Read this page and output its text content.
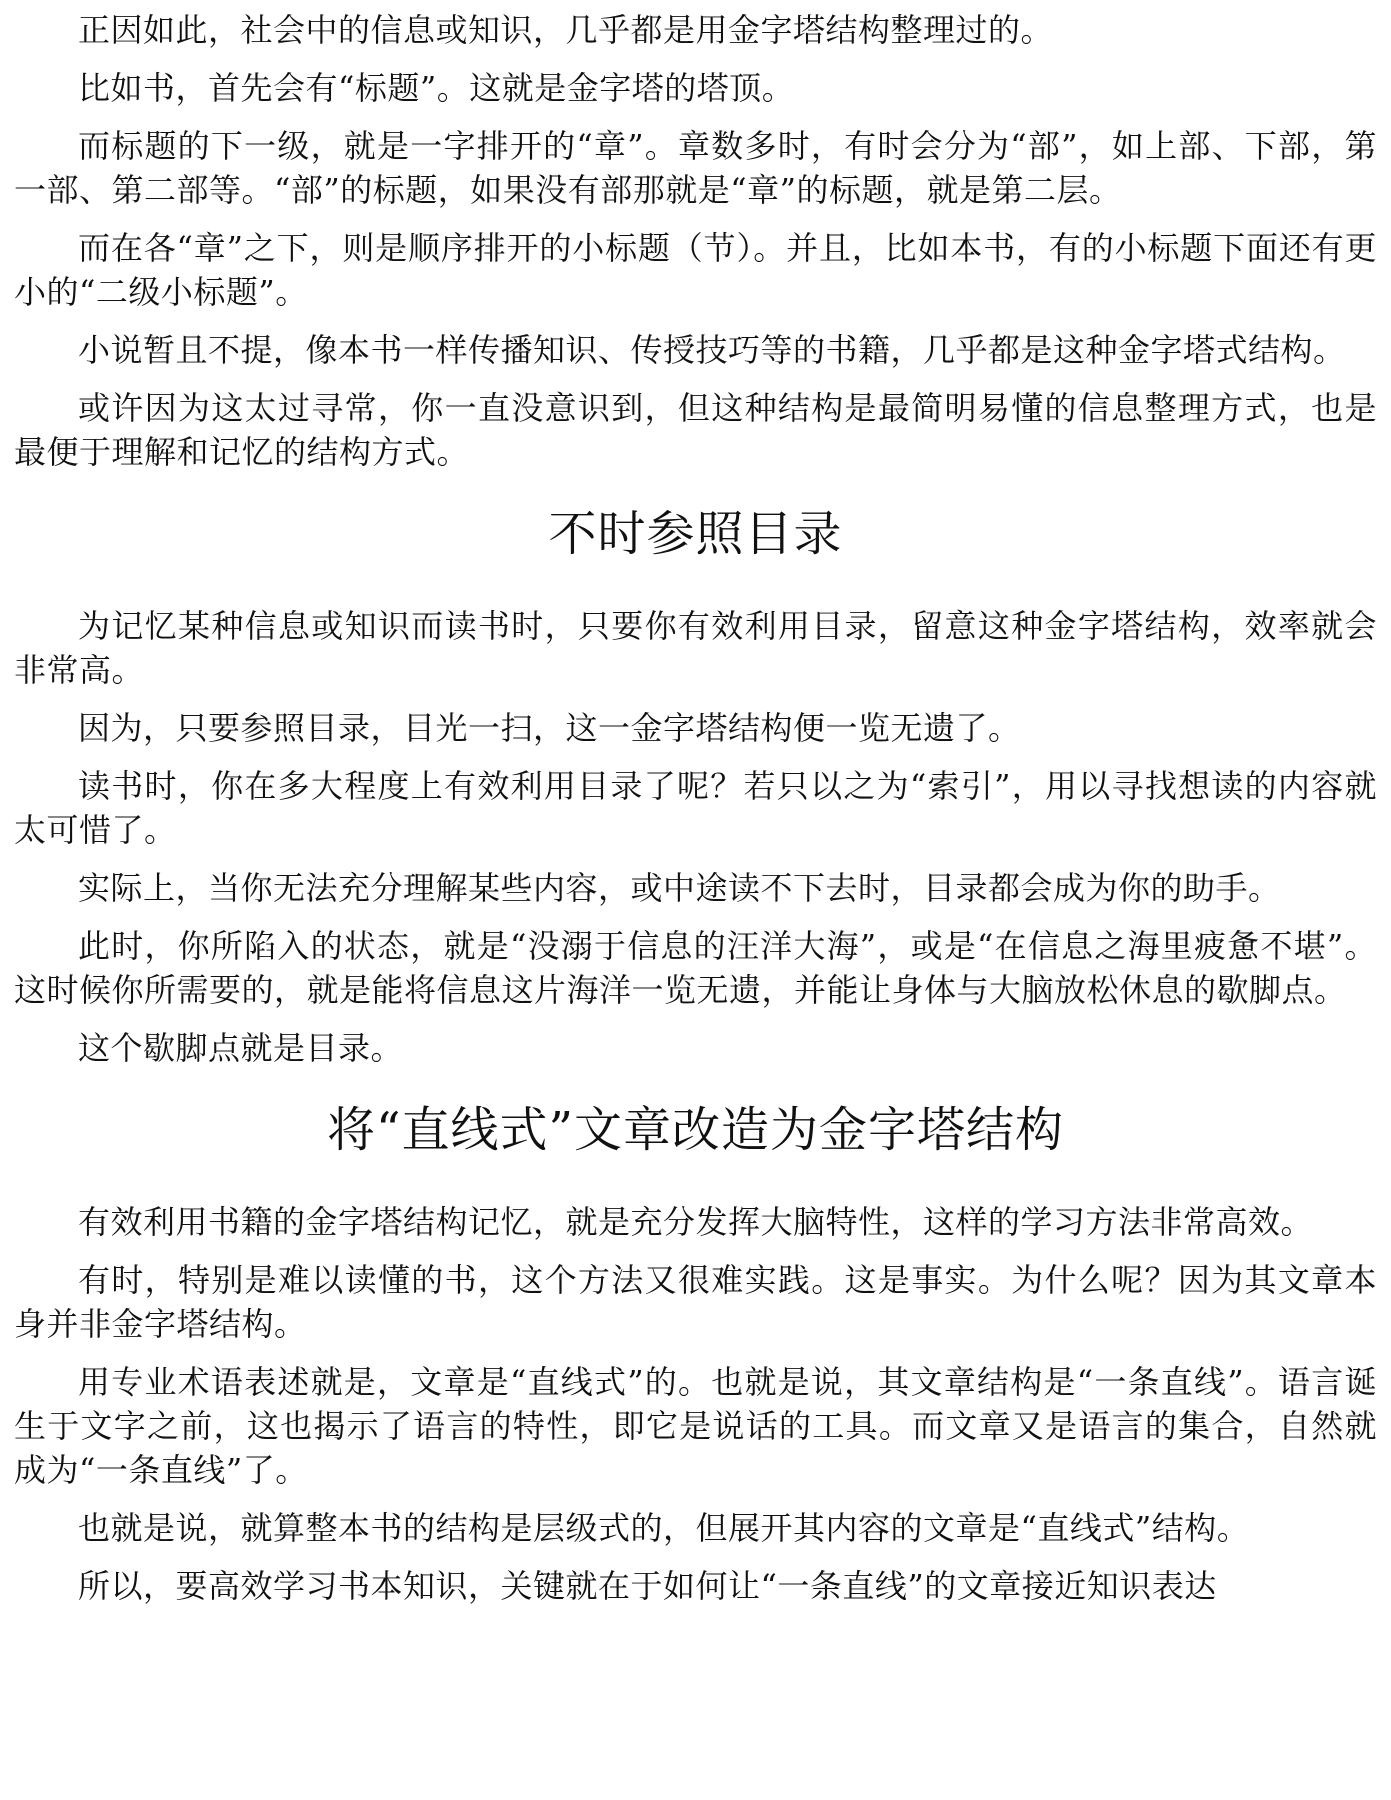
正因如此，社会中的信息或知识，几乎都是用金字塔结构整理过的。

比如书，首先会有“标题”。这就是金字塔的塔顶。

而标题的下一级，就是一字排开的“章”。章数多时，有时会分为“部”，如上部、下部，第一部、第二部等。“部”的标题，如果没有部那就是“章”的标题，就是第二层。

而在各“章”之下，则是顺序排开的小标题（节）。并且，比如本书，有的小标题下面还有更小的“二级小标题”。

小说暂且不提，像本书一样传播知识、传授技巧等的书籍，几乎都是这种金字塔式结构。

或许因为这太过寻常，你一直没意识到，但这种结构是最简明易懂的信息整理方式，也是最便于理解和记忆的结构方式。

不时参照目录

为记忆某种信息或知识而读书时，只要你有效利用目录，留意这种金字塔结构，效率就会非常高。

因为，只要参照目录，目光一扫，这一金字塔结构便一览无遗了。

读书时，你在多大程度上有效利用目录了呢？若只以之为“索引”，用以寻找想读的内容就太可惜了。

实际上，当你无法充分理解某些内容，或中途读不下去时，目录都会成为你的助手。

此时，你所陷入的状态，就是“没溺于信息的汪洋大海”，或是“在信息之海里疲惫不堪”。这时候你所需要的，就是能将信息这片海洋一览无遗，并能让身体与大脑放松休息的歇脚点。

这个歇脚点就是目录。

将“直线式”文章改造为金字塔结构

有效利用书籍的金字塔结构记忆，就是充分发挥大脑特性，这样的学习方法非常高效。

有时，特别是难以读懂的书，这个方法又很难实践。这是事实。为什么呢？因为其文章本身并非金字塔结构。

用专业术语表述就是，文章是“直线式”的。也就是说，其文章结构是“一条直线”。语言诞生于文字之前，这也揭示了语言的特性，即它是说话的工具。而文章又是语言的集合，自然就成为“一条直线”了。

也就是说，就算整本书的结构是层级式的，但展开其内容的文章是“直线式”结构。

所以，要高效学习书本知识，关键就在于如何让“一条直线”的文章接近知识表达
